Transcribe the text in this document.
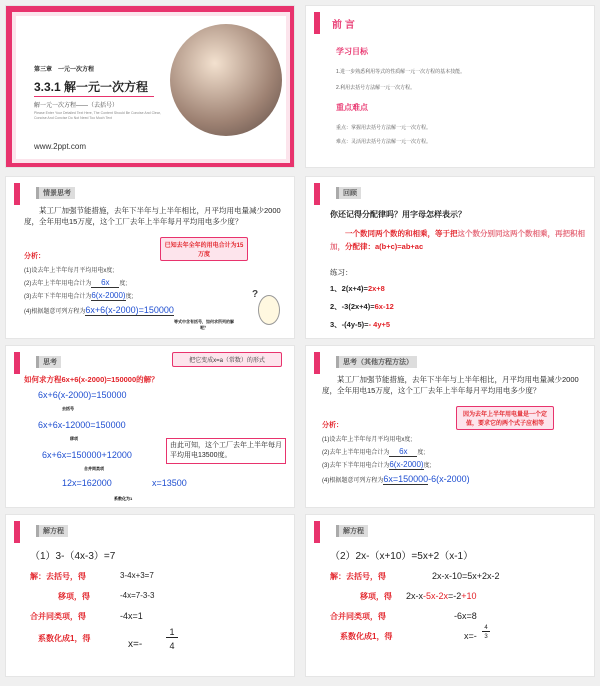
第三章　一元一次方程
3.3.1 解一元一次方程
解一元一次方程——（去括号）
Please Enter Your Detailed Text Here, The Content Should Be Concise And Clear, Concise And Concise Do Not Need Too Much Text
www.2ppt.com
前 言
学习目标
1.进一步熟悉利用等式的性质解一元一次方程的基本技能。
2.利用去括号方法解一元一次方程。
重点难点
重点：掌握用去括号方法解一元一次方程。
难点：灵活用去括号方法解一元一次方程。
情景思考
某工厂加强节能措施，去年下半年与上半年相比，月平均用电量减少2000度，全年用电15万度，这个工厂去年上半年每月平均用电多少度？
已知去年全年的用电合计为15万度
分析：
(1)设去年上半年每月平均用电x度;
(2)去年上半年用电合计为 6x 度;
(3)去年下半年用电合计为6(x-2000)度;
(4)根据题意可列方程为6x+6(x-2000)=150000
等式中含有括号，如何求所列的解呢？
?
回顾
你还记得分配律吗？用字母怎样表示？
一个数同两个数的和相乘，等于把这个数分别同这两个数相乘，再把积相加，分配律：a(b+c)=ab+ac
练习：
1、2(x+4)=2x+8
2、-3(2x+4)=6x-12
3、-(4y-5)=- 4y+5
思考	把它变成x=a（常数）的形式
如何求方程6x+6(x-2000)=150000的解？
6x+6(x-2000)=150000
去括号
6x+6x-12000=150000
移项
6x+6x=150000+12000
合并同类项
12x=162000	x=13500
系数化为1
由此可知，这个工厂去年上半年每月平均用电13500度。
思考（其他方程方法）
某工厂加强节能措施，去年下半年与上半年相比，月平均用电量减少2000度，全年用电15万度，这个工厂去年上半年每月平均用电多少度？
因为去年上半年用电量是一个定值，要求它的两个式子应相等
分析：
(1)设去年上半年每月平均用电x度;
(2)去年上半年用电合计为 6x 度;
(3)去年下半年用电合计为6(x-2000)度;
(4)根据题意可列方程为6x=150000-6(x-2000)
解方程
（1）3-（4x-3）=7
解：去括号，得	3-4x+3=7
移项，得	-4x=7-3-3
合并同类项，得	-4x=1
系数化成1，得
x=-
1
4
解方程
（2）2x-（x+10）=5x+2（x-1）
解：去括号，得	2x-x-10=5x+2x-2
移项，得 2x-x-5x-2x=-2+10
合并同类项，得	-6x=8
系数化成1，得	x=-
4
3
